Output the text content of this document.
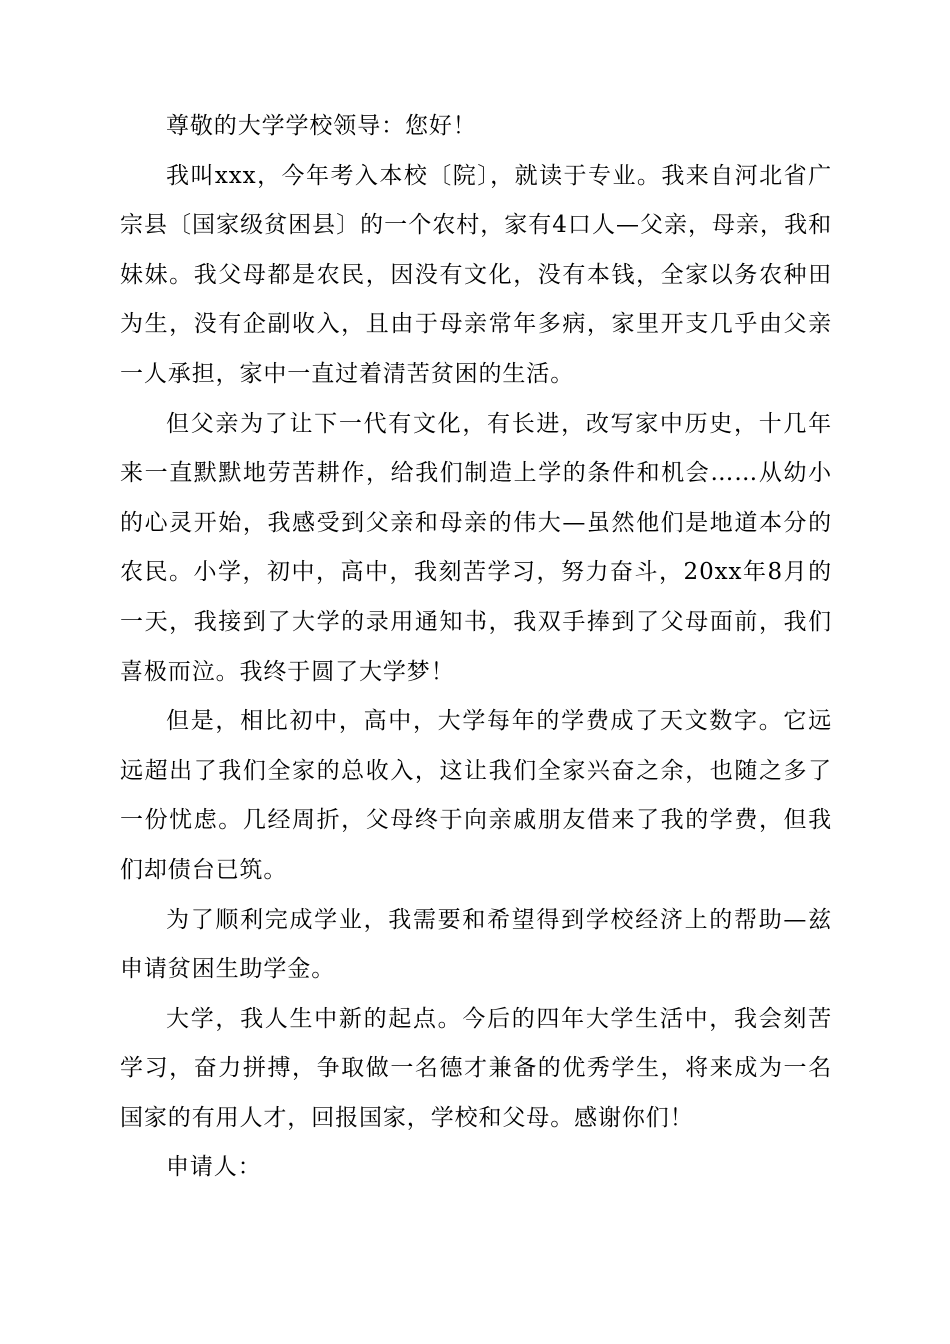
尊敬的大学学校领导：您好！

我叫xxx，今年考入本校〔院〕，就读于专业。我来自河北省广宗县〔国家级贫困县〕的一个农村，家有4口人—父亲，母亲，我和妹妹。我父母都是农民，因没有文化，没有本钱，全家以务农种田为生，没有企副收入，且由于母亲常年多病，家里开支几乎由父亲一人承担，家中一直过着清苦贫困的生活。

但父亲为了让下一代有文化，有长进，改写家中历史，十几年来一直默默地劳苦耕作，给我们制造上学的条件和机会……从幼小的心灵开始，我感受到父亲和母亲的伟大—虽然他们是地道本分的农民。小学，初中，高中，我刻苦学习，努力奋斗，20xx年8月的一天，我接到了大学的录用通知书，我双手捧到了父母面前，我们喜极而泣。我终于圆了大学梦！

但是，相比初中，高中，大学每年的学费成了天文数字。它远远超出了我们全家的总收入，这让我们全家兴奋之余，也随之多了一份忧虑。几经周折，父母终于向亲戚朋友借来了我的学费，但我们却债台已筑。

为了顺利完成学业，我需要和希望得到学校经济上的帮助—兹申请贫困生助学金。

大学，我人生中新的起点。今后的四年大学生活中，我会刻苦学习，奋力拼搏，争取做一名德才兼备的优秀学生，将来成为一名国家的有用人才，回报国家，学校和父母。感谢你们！

申请人：
